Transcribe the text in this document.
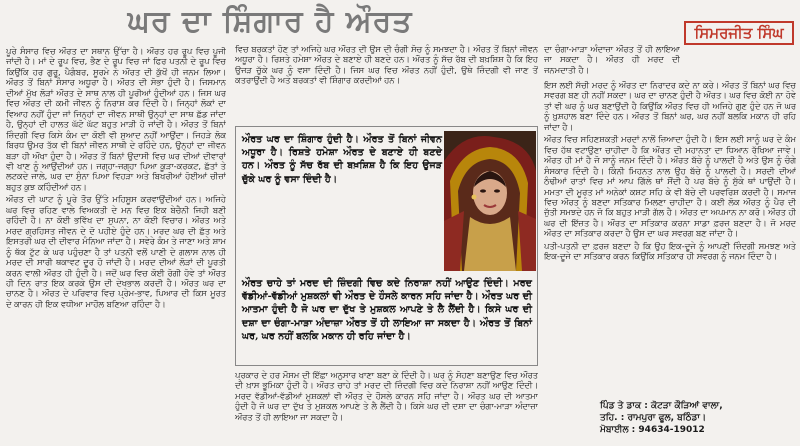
ਘਰ ਦਾ ਸ਼ਿੰਗਾਰ ਹੈ ਔਰਤ	ਸਿਮਰਜੀਤ ਸਿੰਘ

ਪੂਰੇ ਸੰਸਾਰ ਵਿਚ ਔਰਤ ਦਾ ਸਥਾਨ ਉੱਚਾ ਹੈ। ਔਰਤ ਹਰ ਰੂਪ ਵਿਚ ਪੂਜੀ ਜਾਂਦੀ ਹੈ। ਮਾਂ ਦੇ ਰੂਪ ਵਿਚ, ਭੈਣ ਦੇ ਰੂਪ ਵਿਚ ਜਾਂ ਫਿਰ ਪਤਨੀ ਦੇ ਰੂਪ ਵਿਚ ਕਿਉਂਕਿ ਹਰ ਗੁਰੂ, ਪੈਗੰਬਰ, ਸੂਰਮੇ ਨੇ ਔਰਤ ਦੀ ਕੁੱਖੋਂ ਹੀ ਜਨਮ ਲਿਆ। ਔਰਤ ਤੋਂ ਬਿਨਾਂ ਸੰਸਾਰ ਅਧੂਰਾ ਹੈ। ਔਰਤ ਦੀ ਸੋਭਾ ਹੁੰਦੀ ਹੈ। ਜਿਸਮਾਨ ਦੀਆਂ ਮੁੱਖ ਲੋੜਾਂ ਔਰਤ ਦੇ ਸਾਥ ਨਾਲ ਹੀ ਪੂਰੀਆਂ ਹੁੰਦੀਆਂ ਹਨ। ਜਿਸ ਘਰ ਵਿਚ ਔਰਤ ਦੀ ਕਮੀ ਜੀਵਨ ਨੂੰ ਨਿਰਾਸ਼ ਕਰ ਦਿੰਦੀ ਹੈ। ਜਿਨ੍ਹਾਂ ਲੋਕਾਂ ਦਾ ਵਿਆਹ ਨਹੀਂ ਹੁੰਦਾ ਜਾਂ ਜਿਨ੍ਹਾਂ ਦਾ ਜੀਵਨ ਸਾਥੀ ਉਨ੍ਹਾਂ ਦਾ ਸਾਥ ਛੱਡ ਜਾਂਦਾ ਹੈ, ਉਨ੍ਹਾਂ ਦੀ ਹਾਲਤ ਘੱਟੋ ਘੱਟ ਬਹੁਤ ਮਾੜੀ ਹੋ ਜਾਂਦੀ ਹੈ। ਔਰਤ ਤੋਂ ਬਿਨਾਂ ਜ਼ਿੰਦਗੀ ਵਿਚ ਕਿਸੇ ਕੰਮ ਦਾ ਕੋਈ ਵੀ ਸੁਆਦ ਨਹੀਂ ਆਉਂਦਾ। ਜਿਹੜੇ ਲੋਕ ਬਿਰਧ ਉਮਰ ਤੱਕ ਵੀ ਬਿਨਾਂ ਜੀਵਨ ਸਾਥੀ ਦੇ ਰਹਿੰਦੇ ਹਨ, ਉਨ੍ਹਾਂ ਦਾ ਜੀਵਨ ਬੜਾ ਹੀ ਔਖਾ ਹੁੰਦਾ ਹੈ। ਔਰਤ ਤੋਂ ਬਿਨਾਂ ਉਦਾਸੀ ਵਿਚ ਘਰ ਦੀਆਂ ਦੀਵਾਰਾਂ ਵੀ ਖਾਣ ਨੂੰ ਆਉਂਦੀਆਂ ਹਨ। ਜਗ੍ਹਾ-ਜਗ੍ਹਾ ਪਿਆ ਕੂੜਾ-ਕਰਕਟ, ਛੱਤਾਂ ਤੇ ਲਟਕਦੇ ਜਾਲੇ, ਘਰ ਦਾ ਸੁੰਨਾ ਪਿਆ ਵਿਹੜਾ ਅਤੇ ਬਿਖਰੀਆਂ ਹੋਈਆਂ ਚੀਜ਼ਾਂ ਬਹੁਤ ਕੁਝ ਕਹਿੰਦੀਆਂ ਹਨ।

ਔਰਤ ਦੀ ਘਾਟ ਨੂੰ ਪੂਰੇ ਤੌਰ ਉੱਤੇ ਮਹਿਸੂਸ ਕਰਵਾਉਂਦੀਆਂ ਹਨ। ਅਜਿਹੇ ਘਰ ਵਿਚ ਰਹਿਣ ਵਾਲੇ ਵਿਅਕਤੀ ਦੇ ਮਨ ਵਿਚ ਇਕ ਬੇਚੈਨੀ ਜਿਹੀ ਬਣੀ ਰਹਿੰਦੀ ਹੈ। ਨਾ ਕੋਈ ਭਵਿੱਖ ਦਾ ਸੁਪਨਾ, ਨਾ ਕੋਈ ਵਿਚਾਰ। ਔਰਤ ਅਤੇ ਮਰਦ ਗ੍ਰਹਿਸਤ ਜੀਵਨ ਦੇ ਦੋ ਪਹੀਏ ਹੁੰਦੇ ਹਨ। ਮਰਦ ਘਰ ਦੀ ਛੱਤ ਅਤੇ ਇਸਤਰੀ ਘਰ ਦੀ ਦੀਵਾਰ ਮੰਨਿਆ ਜਾਂਦਾ ਹੈ। ਸਵੇਰੇ ਕੰਮ ਤੇ ਜਾਣਾ ਅਤੇ ਸ਼ਾਮ ਨੂੰ ਥੱਕ ਟੁੱਟ ਕੇ ਘਰ ਪਹੁੰਚਣਾ ਹੈ ਤਾਂ ਪਤਨੀ ਵਲੋਂ ਪਾਣੀ ਦੇ ਗਲਾਸ ਨਾਲ ਹੀ ਮਰਦ ਦੀ ਸਾਰੀ ਥਕਾਵਟ ਦੂਰ ਹੋ ਜਾਂਦੀ ਹੈ। ਮਰਦ ਦੀਆਂ ਲੋੜਾਂ ਦੀ ਪੂਰਤੀ ਕਰਨ ਵਾਲੀ ਔਰਤ ਹੀ ਹੁੰਦੀ ਹੈ। ਜਦੋਂ ਘਰ ਵਿਚ ਕੋਈ ਰੋਗੀ ਹੋਵੇ ਤਾਂ ਔਰਤ ਹੀ ਦਿਨ ਰਾਤ ਇਕ ਕਰਕੇ ਉਸ ਦੀ ਦੇਖਭਾਲ ਕਰਦੀ ਹੈ। ਔਰਤ ਘਰ ਦਾ ਚਾਨਣ ਹੈ। ਔਰਤ ਦੇ ਪਰਿਵਾਰ ਵਿਚ ਪ੍ਰੇਮ-ਭਾਵ, ਪਿਆਰ ਦੀ ਕਿਸ ਮੂਰਤ ਦੇ ਕਾਰਨ ਹੀ ਇਕ ਵਧੀਆ ਮਾਹੌਲ ਬਣਿਆ ਰਹਿੰਦਾ ਹੈ।

ਵਿਚ ਬਰਕਤਾਂ ਹੋਣ ਤਾਂ ਅਜਿਹੇ ਘਰ ਔਰਤ ਦੀ ਉਸ ਦੀ ਚੰਗੀ ਸੋਚ ਨੂੰ ਸਮਝਦਾ ਹੈ। ਔਰਤ ਤੋਂ ਬਿਨਾਂ ਜੀਵਨ ਅਧੂਰਾ ਹੈ। ਰਿਸ਼ਤੇ ਹਮੇਸ਼ਾ ਔਰਤ ਦੇ ਬਣਾਏ ਹੀ ਬਣਦੇ ਹਨ। ਔਰਤ ਨੂੰ ਸੱਚ ਰੱਬ ਦੀ ਬਖ਼ਸ਼ਿਸ਼ ਹੈ ਕਿ ਇਹ ਉਜੜ ਚੁੱਕੇ ਘਰ ਨੂੰ ਵਸਾ ਦਿੰਦੀ ਹੈ। ਜਿਸ ਘਰ ਵਿਚ ਔਰਤ ਨਹੀਂ ਹੁੰਦੀ, ਉਥੇ ਜ਼ਿੰਦਗੀ ਵੀ ਜਾਣ ਤੋਂ ਕਤਰਾਉਂਦੀ ਹੈ ਅਤੇ ਬਰਕਤਾਂ ਵੀ ਸ਼ਿੰਗਾਰ ਕਰਦੀਆਂ ਹਨ।

ਔਰਤ ਘਰ ਦਾ ਸ਼ਿੰਗਾਰ ਹੁੰਦੀ ਹੈ। ਔਰਤ ਤੋਂ ਬਿਨਾਂ ਜੀਵਨ ਅਧੂਰਾ ਹੈ। ਰਿਸ਼ਤੇ ਹਮੇਸ਼ਾ ਔਰਤ ਦੇ ਬਣਾਏ ਹੀ ਬਣਦੇ ਹਨ। ਔਰਤ ਨੂੰ ਸੱਚ ਰੱਬ ਦੀ ਬਖ਼ਸ਼ਿਸ਼ ਹੈ ਕਿ ਇਹ ਉਜੜ ਚੁੱਕੇ ਘਰ ਨੂੰ ਵਸਾ ਦਿੰਦੀ ਹੈ।
ਔਰਤ ਚਾਹੇ ਤਾਂ ਮਰਦ ਦੀ ਜ਼ਿੰਦਗੀ ਵਿਚ ਕਦੇ ਨਿਰਾਸ਼ਾ ਨਹੀਂ ਆਉਣ ਦਿੰਦੀ। ਮਰਦ ਵੱਡੀਆਂ-ਵੱਡੀਆਂ ਮੁਸ਼ਕਲਾਂ ਵੀ ਔਰਤ ਦੇ ਹੌਸਲੇ ਕਾਰਨ ਸਹਿ ਜਾਂਦਾ ਹੈ। ਔਰਤ ਘਰ ਦੀ ਆਤਮਾ ਹੁੰਦੀ ਹੈ ਜੋ ਘਰ ਦਾ ਦੁੱਖ ਤੇ ਮੁਸ਼ਕਲ ਆਪਣੇ ਤੇ ਲੈ ਲੈਂਦੀ ਹੈ। ਕਿਸੇ ਘਰ ਦੀ ਦਸ਼ਾ ਦਾ ਚੰਗਾ-ਮਾੜਾ ਅੰਦਾਜ਼ਾ ਔਰਤ ਤੋਂ ਹੀ ਲਾਇਆ ਜਾ ਸਕਦਾ ਹੈ। ਔਰਤ ਤੋਂ ਬਿਨਾਂ ਘਰ, ਘਰ ਨਹੀਂ ਬਲਕਿ ਮਕਾਨ ਹੀ ਰਹਿ ਜਾਂਦਾ ਹੈ।

ਪ੍ਰਕਾਰ ਦੇ ਹਰ ਮੌਸਮ ਦੀ ਇੱਛਾ ਅਨੁਸਾਰ ਖਾਣਾ ਬਣਾ ਕੇ ਦਿੰਦੀ ਹੈ। ਘਰ ਨੂੰ ਸੋਹਣਾ ਬਣਾਉਣ ਵਿਚ ਔਰਤ ਦੀ ਖ਼ਾਸ ਭੂਮਿਕਾ ਹੁੰਦੀ ਹੈ। ਔਰਤ ਚਾਹੇ ਤਾਂ ਮਰਦ ਦੀ ਜ਼ਿੰਦਗੀ ਵਿਚ ਕਦੇ ਨਿਰਾਸ਼ਾ ਨਹੀਂ ਆਉਣ ਦਿੰਦੀ। ਮਰਦ ਵੱਡੀਆਂ-ਵੱਡੀਆਂ ਮੁਸ਼ਕਲਾਂ ਵੀ ਔਰਤ ਦੇ ਹੌਸਲੇ ਕਾਰਨ ਸਹਿ ਜਾਂਦਾ ਹੈ। ਔਰਤ ਘਰ ਦੀ ਆਤਮਾ ਹੁੰਦੀ ਹੈ ਜੋ ਘਰ ਦਾ ਦੁੱਖ ਤੇ ਮੁਸ਼ਕਲ ਆਪਣੇ ਤੇ ਲੈ ਲੈਂਦੀ ਹੈ। ਕਿਸੇ ਘਰ ਦੀ ਦਸ਼ਾ ਦਾ ਚੰਗਾ-ਮਾੜਾ ਅੰਦਾਜ਼ਾ ਔਰਤ ਤੋਂ ਹੀ ਲਾਇਆ ਜਾ ਸਕਦਾ ਹੈ।

ਦਾ ਚੰਗਾ-ਮਾੜਾ ਅੰਦਾਜ਼ਾ ਔਰਤ ਤੋਂ ਹੀ ਲਾਇਆ ਜਾ ਸਕਦਾ ਹੈ। ਔਰਤ ਹੀ ਮਰਦ ਦੀ ਜਨਮਦਾਤੀ ਹੈ।

ਇਸ ਲਈ ਸੱਚੀ ਮਰਦ ਨੂੰ ਔਰਤ ਦਾ ਨਿਰਾਦਰ ਕਦੇ ਨਾ ਕਰੇ। ਔਰਤ ਤੋਂ ਬਿਨਾਂ ਘਰ ਵਿਚ ਸਵਰਗ ਬਣ ਹੀ ਨਹੀਂ ਸਕਦਾ। ਘਰ ਦਾ ਚਾਨਣ ਹੁੰਦੀ ਹੈ ਔਰਤ। ਘਰ ਵਿਚ ਕੋਈ ਨਾ ਹੋਵੇ ਤਾਂ ਵੀ ਘਰ ਨੂੰ ਘਰ ਬਣਾਉਂਦੀ ਹੈ ਕਿਉਂਕਿ ਔਰਤ ਵਿਚ ਹੀ ਅਜਿਹੇ ਗੁਣ ਹੁੰਦੇ ਹਨ ਜੋ ਘਰ ਨੂੰ ਖ਼ੁਸ਼ਹਾਲ ਬਣਾ ਦਿੰਦੇ ਹਨ। ਔਰਤ ਤੋਂ ਬਿਨਾਂ ਘਰ, ਘਰ ਨਹੀਂ ਬਲਕਿ ਮਕਾਨ ਹੀ ਰਹਿ ਜਾਂਦਾ ਹੈ।

ਔਰਤ ਵਿਚ ਸਹਿਣਸ਼ਕਤੀ ਮਰਦਾਂ ਨਾਲੋਂ ਜ਼ਿਆਦਾ ਹੁੰਦੀ ਹੈ। ਇਸ ਲਈ ਸਾਨੂੰ ਘਰ ਦੇ ਕੰਮ ਵਿਚ ਹੱਥ ਵਟਾਉਣਾ ਚਾਹੀਦਾ ਹੈ ਕਿ ਔਰਤ ਦੀ ਮਹਾਨਤਾ ਦਾ ਧਿਆਨ ਰੱਖਿਆ ਜਾਵੇ। ਔਰਤ ਹੀ ਮਾਂ ਹੈ ਜੋ ਸਾਨੂੰ ਜਨਮ ਦਿੰਦੀ ਹੈ। ਔਰਤ ਬੱਚੇ ਨੂੰ ਪਾਲਦੀ ਹੈ ਅਤੇ ਉਸ ਨੂੰ ਚੰਗੇ ਸੰਸਕਾਰ ਦਿੰਦੀ ਹੈ। ਕਿੰਨੀ ਮਿਹਨਤ ਨਾਲ ਉਹ ਬੱਚੇ ਨੂੰ ਪਾਲਦੀ ਹੈ। ਸਰਦੀ ਦੀਆਂ ਠੰਢੀਆਂ ਰਾਤਾਂ ਵਿਚ ਮਾਂ ਆਪ ਗਿੱਲੇ ਥਾਂ ਸੌਂਦੀ ਹੈ ਪਰ ਬੱਚੇ ਨੂੰ ਸੁੱਕੇ ਥਾਂ ਪਾਉਂਦੀ ਹੈ। ਮਮਤਾ ਦੀ ਮੂਰਤ ਮਾਂ ਅਨੇਕਾਂ ਕਸ਼ਟ ਸਹਿ ਕੇ ਵੀ ਬੱਚੇ ਦੀ ਪਰਵਰਿਸ਼ ਕਰਦੀ ਹੈ। ਸਮਾਜ ਵਿਚ ਔਰਤ ਨੂੰ ਬਣਦਾ ਸਤਿਕਾਰ ਮਿਲਣਾ ਚਾਹੀਦਾ ਹੈ। ਕਈ ਲੋਕ ਔਰਤ ਨੂੰ ਪੈਰ ਦੀ ਜੁੱਤੀ ਸਮਝਦੇ ਹਨ ਜੋ ਕਿ ਬਹੁਤ ਮਾੜੀ ਗੱਲ ਹੈ। ਔਰਤ ਦਾ ਅਪਮਾਨ ਨਾ ਕਰੋ। ਔਰਤ ਹੀ ਘਰ ਦੀ ਇੱਜ਼ਤ ਹੈ। ਔਰਤ ਦਾ ਸਤਿਕਾਰ ਕਰਨਾ ਸਾਡਾ ਫ਼ਰਜ਼ ਬਣਦਾ ਹੈ। ਜੋ ਮਰਦ ਔਰਤ ਦਾ ਸਤਿਕਾਰ ਕਰਦਾ ਹੈ ਉਸ ਦਾ ਘਰ ਸਵਰਗ ਬਣ ਜਾਂਦਾ ਹੈ।

ਪਤੀ-ਪਤਨੀ ਦਾ ਫ਼ਰਜ਼ ਬਣਦਾ ਹੈ ਕਿ ਉਹ ਇਕ-ਦੂਜੇ ਨੂੰ ਆਪਣੀ ਜ਼ਿੰਦਗੀ ਸਮਝਣ ਅਤੇ ਇਕ-ਦੂਜੇ ਦਾ ਸਤਿਕਾਰ ਕਰਨ ਕਿਉਂਕਿ ਸਤਿਕਾਰ ਹੀ ਸਵਰਗ ਨੂੰ ਜਨਮ ਦਿੰਦਾ ਹੈ।

ਪਿੰਡ ਤੇ ਡਾਕ : ਕੋਟੜਾ ਕੌੜਿਆਂ ਵਾਲਾ,
ਤਹਿ. : ਰਾਮਪੁਰਾ ਫੂਲ, ਬਠਿੰਡਾ।
ਮੋਬਾਈਲ : 94634-19012
